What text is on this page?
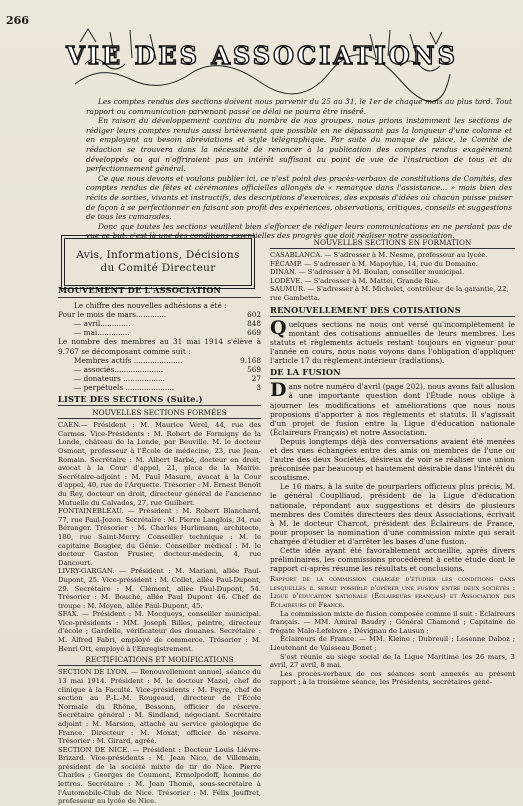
266
VIE DES ASSOCIATIONS

Les comptes rendus des sections doivent nous parvenir du 25 au 31, le 1er de chaque mois au plus tard. Tout rapport ou communication parvenant passé ce délai ne pourra être inséré.

En raison du développement continu du nombre de nos groupes, nous prions instamment les sections de rédiger leurs comptes rendus aussi brièvement que possible en ne dépassant pas la longueur d'une colonne et en employant au besoin abréviations et style télégraphique. Par suite du manque de place, le Comité de rédaction se trouvera dans la nécessité de renoncer à la publication des comptes rendus exagérément développés ou qui n'offriraient pas un intérêt suffisant au point de vue de l'instruction de tous et du perfectionnement général.

Ce que nous devons et voulons publier ici, ce n'est point des procès-verbaux de constitutions de Comités, des comptes rendus de fêtes et cérémonies officielles allongés de « remarque dans l'assistance... » mais bien des récits de sorties, vivants et instructifs, des descriptions d'exercices, des exposés d'idées où chacun puisse puiser de façon à se perfectionner en faisant son profit des expériences, observations, critiques, conseils et suggestions de tous les camarades.

Donc que toutes les sections veuillent bien s'efforcer de rédiger leurs communications en ne perdant pas de vue ce but, c'est là une des conditions essentielles des progrès que doit réaliser notre association.

Avis, Informations, Décisions
du Comité Directeur
MOUVEMENT DE L'ASSOCIATION
Le chiffre des nouvelles adhésions a été :
Pour le mois de mars.............	602
— avril.............	848
— mai..............	669
Le nombre des membres au 31 mai 1914 s'élève à 9.767 se décomposant comme suit :
Membres actifs .....................	9.168
— associés.....................	569
— donateurs ..................	27
— perpétuels .....................	3
LISTE DES SECTIONS (Suite.)
NOUVELLES SECTIONS FORMÉES

CAEN.— Président : M. Maurice Vérel, 44, rue des Carmes. Vice-Présidents : M. Robert de Formigny de la Londe, château de la Londe, par Beuville. M. le docteur Osmont, professeur à l'École de médecine, 23, rue Jean-Romain. Secrétaire : M. Albert Barbé, docteur en droit, avocat à la Cour d'appel, 21, place de la Mairie. Secrétaire-adjoint : M. Paul Masure, avocat à la Cour d'appel, 40, rue de l'Arquette. Trésorier : M. Ernest Benoît du Rey, docteur en droit, directeur général de l'ancienne Mutuelle du Calvados, 27, rue Guilbert.

FONTAINEBLEAU. — Président : M. Robert Blanchard, 77, rue Paul-Jozon. Secrétaire : M. Pierre Langlois, 34, rue Béranger. Trésorier : M. Charles Hurlimann, architecte, 180, rue Saint-Merry. Conseiller technique : M. le capitaine Bougier, du Génie. Conseiller médical : M. le docteur Gaston Frusier, docteur-médecin, 4, rue Dancourt.

LIVRY-GARGAN. — Président : M. Mariani, allée Paul-Dupont, 25. Vice-président : M. Collet, allée Paul-Dupont, 29. Secrétaire : M. Clément, allée Paul-Dupont, 54. Trésorier : M. Bouché, allée Paul Dupont 46. Chef de troupe : M. Moyen, allée Paul-Dupont, 45.

SFAX. — Président : M. Mocqueys, conseiller municipal. Vice-présidents : MM. Joseph Billes, peintre, directeur d'école ; Gardelle, vérificateur des douanes. Secrétaire : M. Alfred Fabri, employé de commerce. Trésorier : M. Henri Ott, employé à l'Enregistrement.

RECTIFICATIONS ET MODIFICATIONS

SECTION DE LYON. — Renouvellement annuel, séance du 13 mai 1914. Président : M. le docteur Mazel, chef de clinique à la Faculté. Vice-présidents : M. Peyre, chef de section au P.-L.-M. Rougeaud, directeur de l'École Normale du Rhône, Bessonn, officier de réserve. Secrétaire général : M. Sindland, négociant. Secrétaire adjoint : M. Marsion, attaché au service géologique de France. Directeur : M. Moxat, officier de réserve. Trésorier : M. Girard, agréé.

SECTION DE NICE. — Président : Docteur Louis Liévre-Brizard. Vice-présidents : M. Jean Nico, de Villemain, président de la société mixte de tir de Nice. Pierre Charles ; Georges de Coumont, Ermolpodoff, homme de lettres. Secrétaire : M. Jean Thomé, sous-secrétaire à l'Automobile-Club de Nice. Trésorier : M. Félix Jouffret, professeur au lycée de Nice.

NOUVELLES SECTIONS EN FORMATION
CASABLANCA. — S'adresser à M. Nesme, professeur au lycée.
FÉCAMP. — S'adresser à M. Mapoyhie, 14, rue du Domaine.
DINAN. — S'adresser à M. Boulan, conseiller municipal.
LODÈVE. — S'adresser à M. Mattei, Grande Rue.
SAUMUR. — S'adresser à M. Michelet, contrôleur de la garantie, 22, rue Gambetta.
RENOUVELLEMENT DES COTISATIONS
Q uelques sections ne nous ont versé qu'incomplètement le montant des cotisations annuelles de leurs membres. Les statuts et règlements actuels restant toujours en vigueur pour l'année en cours, nous nous voyons dans l'obligation d'appliquer l'article 17 du règlement intérieur (radiations).
DE LA FUSION
D ans notre numéro d'avril (page 202), nous avons fait allusion à une importante question dont l'Étude nous oblige à ajourner les modifications et améliorations que nous nous proposions d'apporter à nos règlements et statuts. Il s'agissait d'un projet de fusion entre la Ligue d'éducation nationale (Éclaireurs Français) et notre Association.

Depuis longtemps déjà des conversations avaient été menées et des vues échangées entre des amis ou membres de l'une ou l'autre des deux Sociétés, désireux de voir se réaliser une union préconisée par beaucoup et hautement désirable dans l'intérêt du scoutisme.

Le 16 mars, à la suite de pourparlers officieux plus précis, M. le général Couplliaud, président de la Ligue d'éducation nationale, répondant aux suggestions et désirs de plusieurs membres des Comités directeurs des deux Associations, écrivait à M. le docteur Charcot, président des Éclaireurs de France, pour proposer la nomination d'une commission mixte qui serait chargée d'étudier et d'arrêter les bases d'une fusion.

Cette idée ayant été favorablement accueillie, après divers préliminaires, les commissions procédèrent à cette étude dont le rapport ci-après résume les résultats et conclusions.

Rapport de la commission chargée d'étudier les conditions dans lesquelles il serait possible d'opérer une fusion entre deux sociétés : Ligue d'éducation nationale (Éclaireurs français) et Association des Éclaireurs de France.

La commission mixte de fusion composée comme il suit : Éclaireurs français. — MM. Amiral Baudry ; Général Chamond ; Capitaine de frégate Malo-Lefebvre ; Dévignau de Lausun ;

Éclaireurs de France. — MM. Kleine ; Dubreuil ; Lesenne Daboz ; Lieutenant de Vaisseau Bonet ;

S'est réunie au siège social de la Ligue Maritime les 26 mars, 3 avril, 27 avril, 8 mai.

Les procès-verbaux de ces séances sont annexés au présent rapport ; à la troisième séance, les Présidents, secrétaires géné-
